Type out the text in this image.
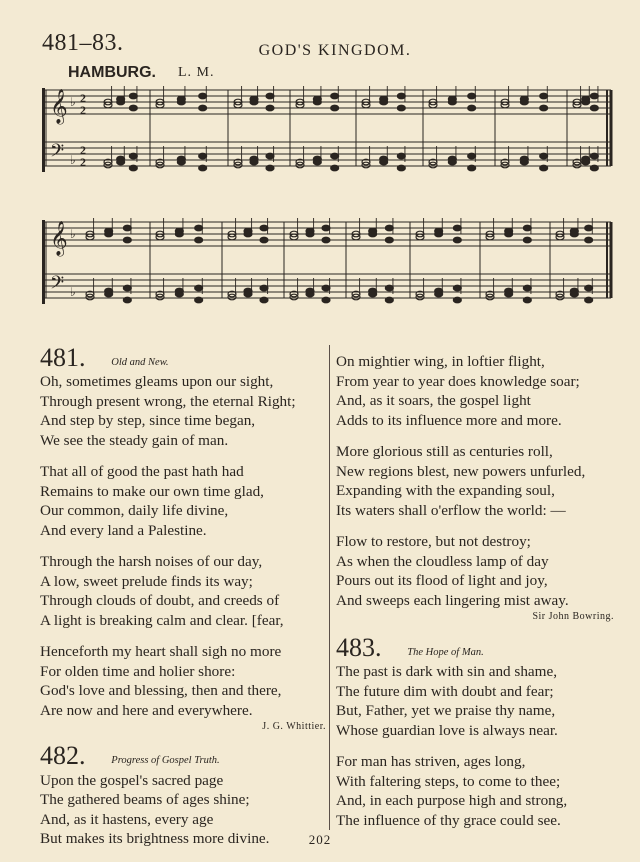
481–83.	GOD'S KINGDOM.
HAMBURG. L. M.
𝄞 ♭ 2
2
𝄢 ♭
2
2
𝄞 ♭
𝄢 ♭
481. Old and New.
Oh, sometimes gleams upon our sight,
Through present wrong, the eternal Right;
And step by step, since time began,
We see the steady gain of man.
That all of good the past hath had
Remains to make our own time glad,
Our common, daily life divine,
And every land a Palestine.
Through the harsh noises of our day,
A low, sweet prelude finds its way;
Through clouds of doubt, and creeds of
A light is breaking calm and clear. [fear,
Henceforth my heart shall sigh no more
For olden time and holier shore:
God's love and blessing, then and there,
Are now and here and everywhere.
J. G. Whittier.
482. Progress of Gospel Truth.
Upon the gospel's sacred page
The gathered beams of ages shine;
And, as it hastens, every age
But makes its brightness more divine.
On mightier wing, in loftier flight,
From year to year does knowledge soar;
And, as it soars, the gospel light
Adds to its influence more and more.
More glorious still as centuries roll,
New regions blest, new powers unfurled,
Expanding with the expanding soul,
Its waters shall o'erflow the world: —
Flow to restore, but not destroy;
As when the cloudless lamp of day
Pours out its flood of light and joy,
And sweeps each lingering mist away.
Sir John Bowring.
483. The Hope of Man.
The past is dark with sin and shame,
The future dim with doubt and fear;
But, Father, yet we praise thy name,
Whose guardian love is always near.
For man has striven, ages long,
With faltering steps, to come to thee;
And, in each purpose high and strong,
The influence of thy grace could see.
202
